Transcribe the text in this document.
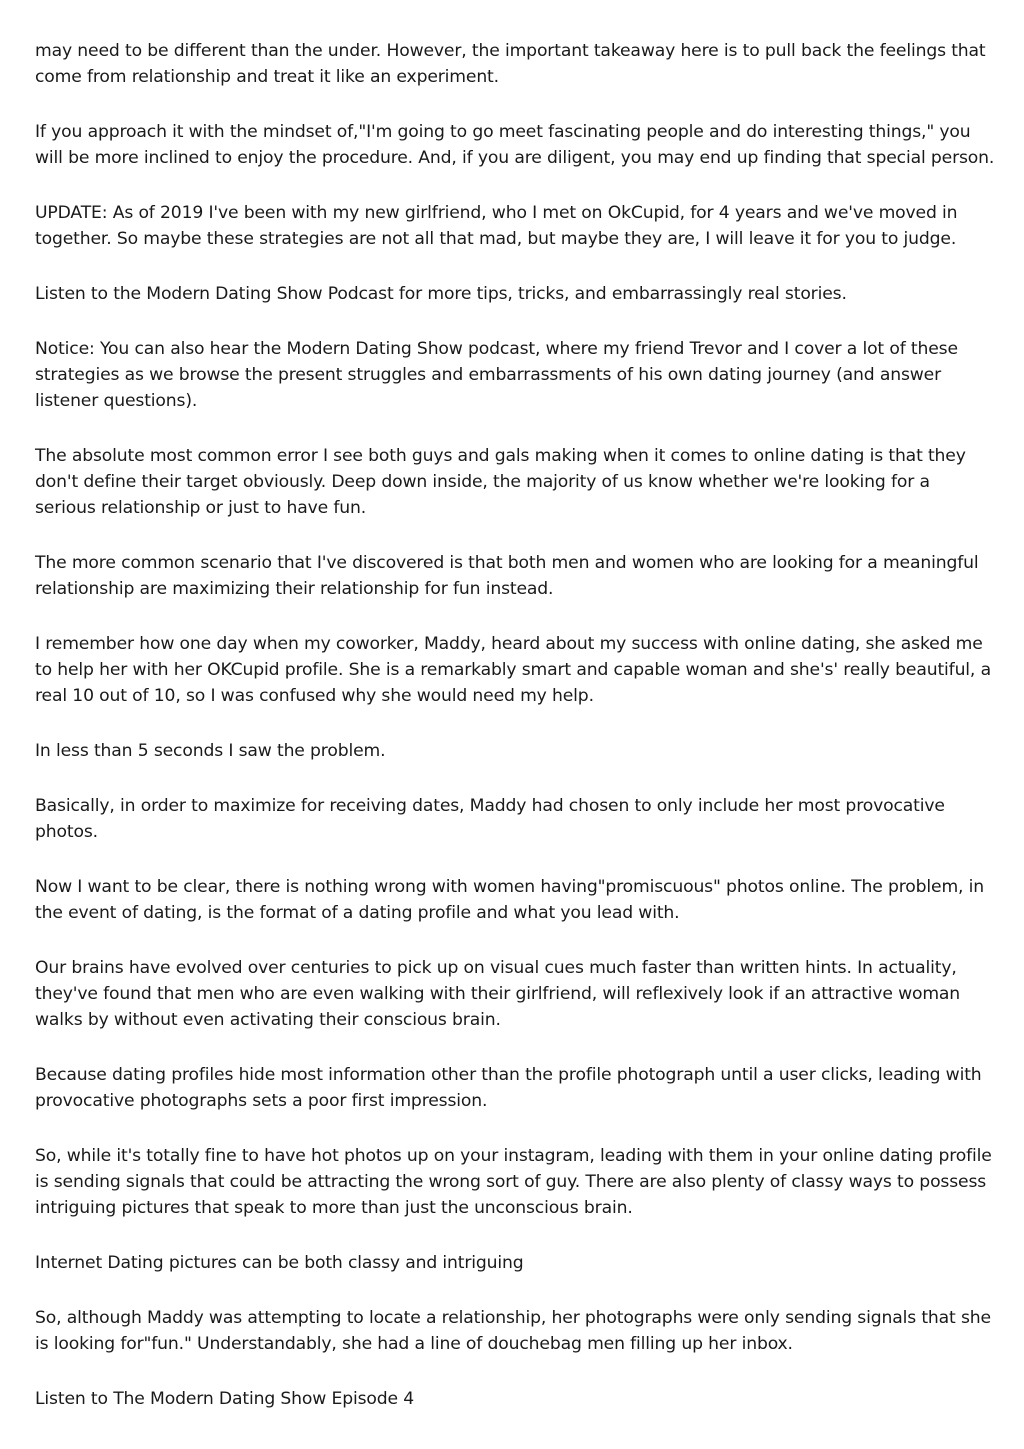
may need to be different than the under. However, the important takeaway here is to pull back the feelings that come from relationship and treat it like an experiment.

If you approach it with the mindset of,"I'm going to go meet fascinating people and do interesting things," you will be more inclined to enjoy the procedure. And, if you are diligent, you may end up finding that special person.

UPDATE: As of 2019 I've been with my new girlfriend, who I met on OkCupid, for 4 years and we've moved in together. So maybe these strategies are not all that mad, but maybe they are, I will leave it for you to judge.

Listen to the Modern Dating Show Podcast for more tips, tricks, and embarrassingly real stories.

Notice: You can also hear the Modern Dating Show podcast, where my friend Trevor and I cover a lot of these strategies as we browse the present struggles and embarrassments of his own dating journey (and answer listener questions).

The absolute most common error I see both guys and gals making when it comes to online dating is that they don't define their target obviously. Deep down inside, the majority of us know whether we're looking for a serious relationship or just to have fun.

The more common scenario that I've discovered is that both men and women who are looking for a meaningful relationship are maximizing their relationship for fun instead.

I remember how one day when my coworker, Maddy, heard about my success with online dating, she asked me to help her with her OKCupid profile. She is a remarkably smart and capable woman and she's' really beautiful, a real 10 out of 10, so I was confused why she would need my help.

In less than 5 seconds I saw the problem.

Basically, in order to maximize for receiving dates, Maddy had chosen to only include her most provocative photos.

Now I want to be clear, there is nothing wrong with women having"promiscuous" photos online. The problem, in the event of dating, is the format of a dating profile and what you lead with.

Our brains have evolved over centuries to pick up on visual cues much faster than written hints. In actuality, they've found that men who are even walking with their girlfriend, will reflexively look if an attractive woman walks by without even activating their conscious brain.

Because dating profiles hide most information other than the profile photograph until a user clicks, leading with provocative photographs sets a poor first impression.

So, while it's totally fine to have hot photos up on your instagram, leading with them in your online dating profile is sending signals that could be attracting the wrong sort of guy. There are also plenty of classy ways to possess intriguing pictures that speak to more than just the unconscious brain.

Internet Dating pictures can be both classy and intriguing

So, although Maddy was attempting to locate a relationship, her photographs were only sending signals that she is looking for"fun." Understandably, she had a line of douchebag men filling up her inbox.

Listen to The Modern Dating Show Episode 4
